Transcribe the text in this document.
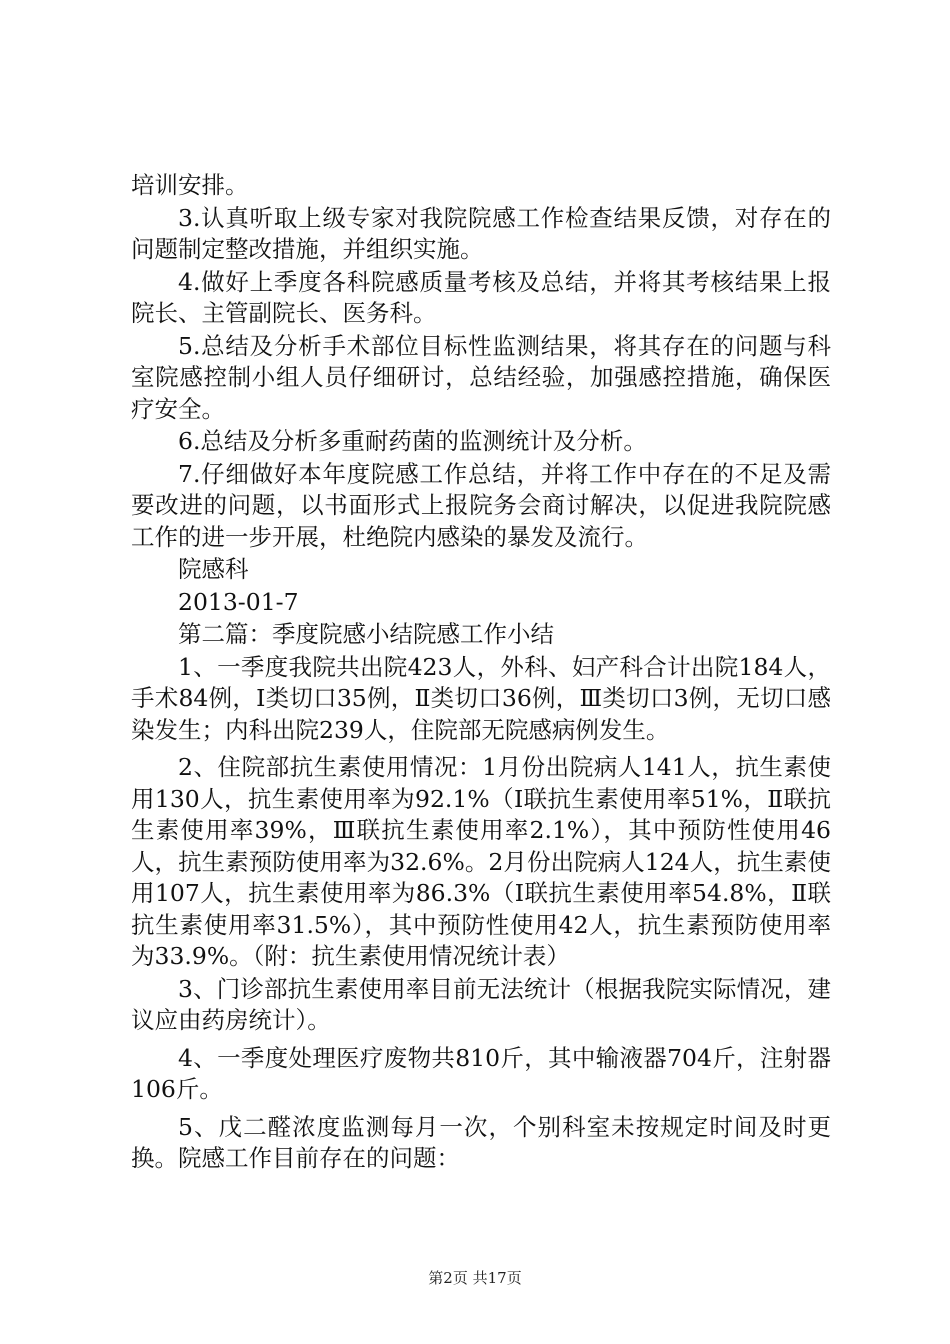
培训安排。

3.认真听取上级专家对我院院感工作检查结果反馈，对存在的问题制定整改措施，并组织实施。

4.做好上季度各科院感质量考核及总结，并将其考核结果上报院长、主管副院长、医务科。

5.总结及分析手术部位目标性监测结果，将其存在的问题与科室院感控制小组人员仔细研讨，总结经验，加强感控措施，确保医疗安全。

6.总结及分析多重耐药菌的监测统计及分析。

7.仔细做好本年度院感工作总结，并将工作中存在的不足及需要改进的问题，以书面形式上报院务会商讨解决，以促进我院院感工作的进一步开展，杜绝院内感染的暴发及流行。

院感科

2013-01-7

第二篇：季度院感小结院感工作小结

1、一季度我院共出院423人，外科、妇产科合计出院184人，手术84例，Ⅰ类切口35例，Ⅱ类切口36例，Ⅲ类切口3例，无切口感染发生；内科出院239人，住院部无院感病例发生。

2、住院部抗生素使用情况：1月份出院病人141人，抗生素使用130人，抗生素使用率为92.1%（Ⅰ联抗生素使用率51%，Ⅱ联抗生素使用率39%，Ⅲ联抗生素使用率2.1%），其中预防性使用46人，抗生素预防使用率为32.6%。2月份出院病人124人，抗生素使用107人，抗生素使用率为86.3%（Ⅰ联抗生素使用率54.8%，Ⅱ联抗生素使用率31.5%），其中预防性使用42人，抗生素预防使用率为33.9%。（附：抗生素使用情况统计表）

3、门诊部抗生素使用率目前无法统计（根据我院实际情况，建议应由药房统计）。

4、一季度处理医疗废物共810斤，其中输液器704斤，注射器106斤。

5、戊二醛浓度监测每月一次，个别科室未按规定时间及时更换。院感工作目前存在的问题：

第2页 共17页
